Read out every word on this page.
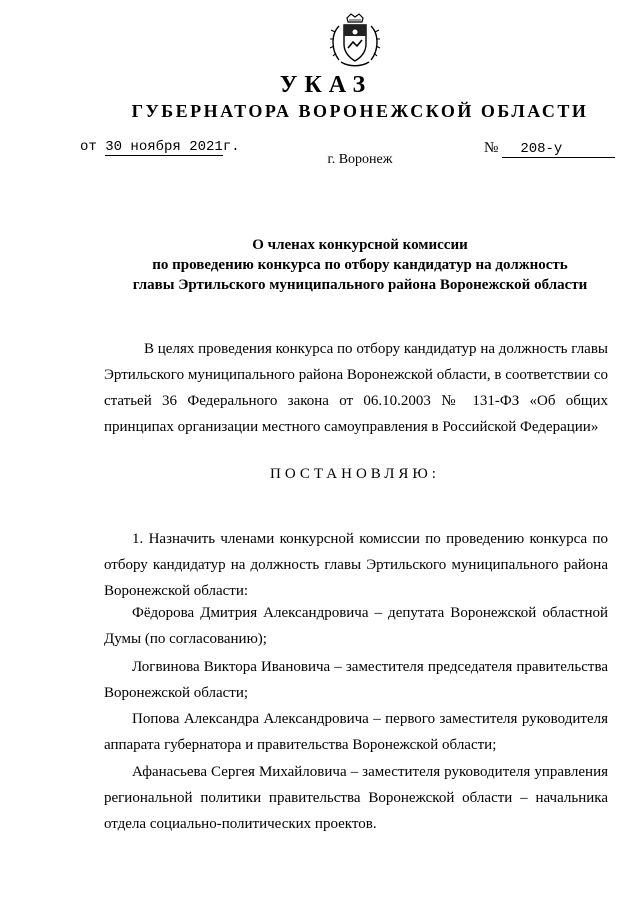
УКАЗ
ГУБЕРНАТОРА ВОРОНЕЖСКОЙ ОБЛАСТИ
от 30 ноября 2021г.	№ 208-у
г. Воронеж
О членах конкурсной комиссии
по проведению конкурса по отбору кандидатур на должность
главы Эртильского муниципального района Воронежской области
В целях проведения конкурса по отбору кандидатур на должность главы Эртильского муниципального района Воронежской области, в соответствии со статьей 36 Федерального закона от 06.10.2003 № 131-ФЗ «Об общих принципах организации местного самоуправления в Российской Федерации»
ПОСТАНОВЛЯЮ:
1. Назначить членами конкурсной комиссии по проведению конкурса по отбору кандидатур на должность главы Эртильского муниципального района Воронежской области:
Фёдорова Дмитрия Александровича – депутата Воронежской областной Думы (по согласованию);
Логвинова Виктора Ивановича – заместителя председателя правительства Воронежской области;
Попова Александра Александровича – первого заместителя руководителя аппарата губернатора и правительства Воронежской области;
Афанасьева Сергея Михайловича – заместителя руководителя управления региональной политики правительства Воронежской области – начальника отдела социально-политических проектов.
